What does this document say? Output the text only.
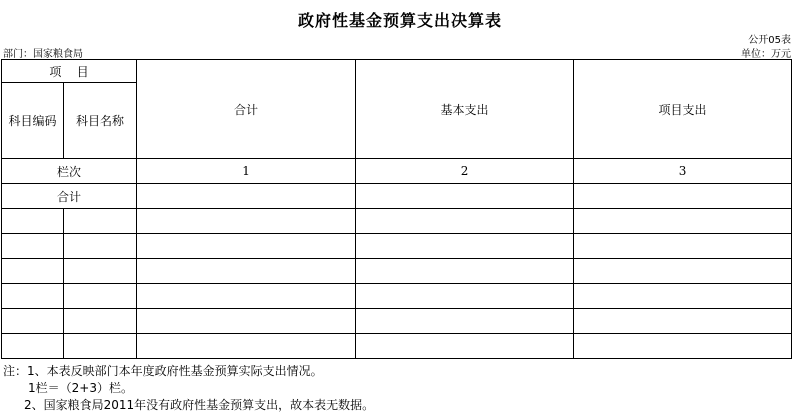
政府性基金预算支出决算表
公开05表
部门：国家粮食局	单位：万元
项    目		合计	基本支出	项目支出
科目编码	科目名称			
栏次		1	2	3
合计				

注：1、本表反映部门本年度政府性基金预算实际支出情况。
1栏＝（2+3）栏。
2、国家粮食局2011年没有政府性基金预算支出，故本表无数据。
